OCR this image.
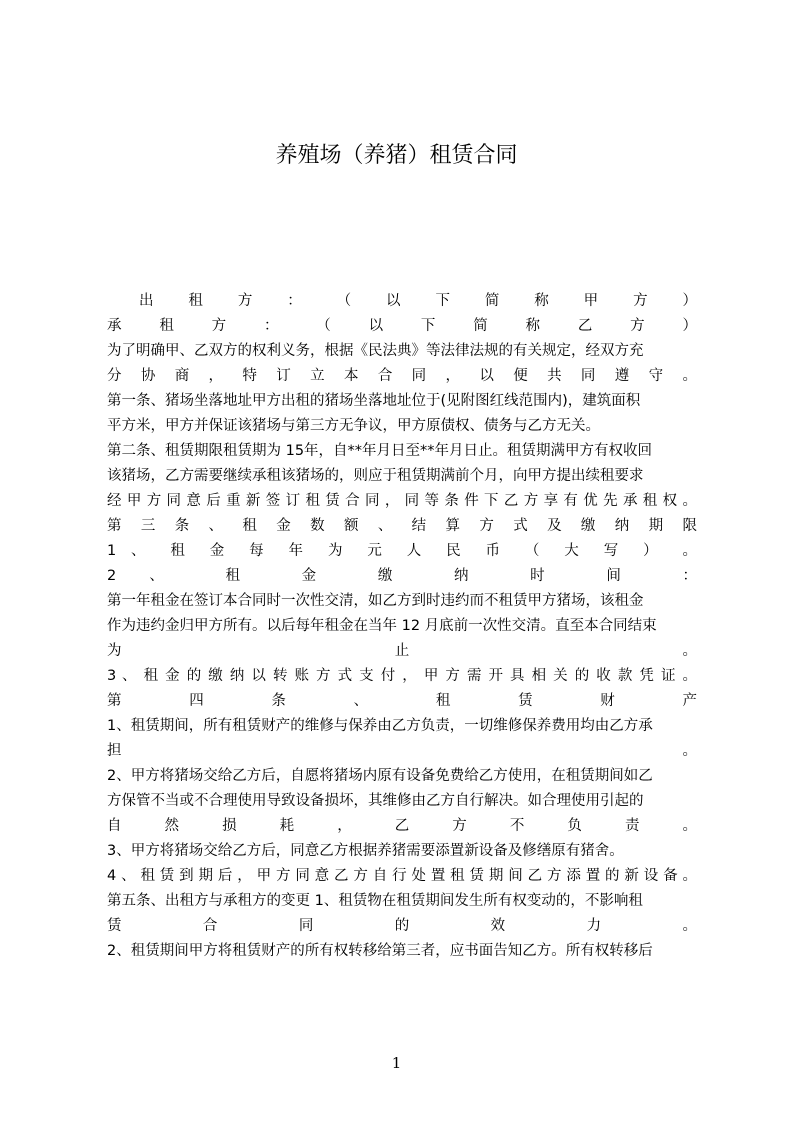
养殖场（养猪）租赁合同
出 租 方 ： （ 以 下 简 称 甲 方 ）
承 租 方 ： （ 以 下 简 称 乙 方 ）
为了明确甲、乙双方的权利义务，根据《民法典》等法律法规的有关规定，经双方充
分 协 商 ， 特 订 立 本 合 同 ， 以 便 共 同 遵 守 。
第一条、猪场坐落地址甲方出租的猪场坐落地址位于(见附图红线范围内)，建筑面积
平方米，甲方并保证该猪场与第三方无争议，甲方原债权、债务与乙方无关。
第二条、租赁期限租赁期为 15年，自**年月日至**年月日止。租赁期满甲方有权收回
该猪场，乙方需要继续承租该猪场的，则应于租赁期满前个月，向甲方提出续租要求
经甲方同意后重新签订租赁合同，同等条件下乙方享有优先承租权。
第 三 条 、 租 金 数 额 、 结 算 方 式 及 缴 纳 期 限
1 、 租 金 每 年 为 元 人 民 币 （ 大 写 ） 。
2 、 租 金 缴 纳 时 间 ：
第一年租金在签订本合同时一次性交清，如乙方到时违约而不租赁甲方猪场，该租金
作为违约金归甲方所有。以后每年租金在当年 12 月底前一次性交清。直至本合同结束
为 止 。
3 、 租 金 的 缴 纳 以 转 账 方 式 支 付 ， 甲 方 需 开 具 相 关 的 收 款 凭 证 。
第 四 条 、 租 赁 财 产
1、租赁期间，所有租赁财产的维修与保养由乙方负责，一切维修保养费用均由乙方承
担 。
2、甲方将猪场交给乙方后，自愿将猪场内原有设备免费给乙方使用，在租赁期间如乙
方保管不当或不合理使用导致设备损坏，其维修由乙方自行解决。如合理使用引起的
自 然 损 耗 ， 乙 方 不 负 责 。
3、甲方将猪场交给乙方后，同意乙方根据养猪需要添置新设备及修缮原有猪舍。
4、租赁到期后，甲方同意乙方自行处置租赁期间乙方添置的新设备。
第五条、出租方与承租方的变更 1、租赁物在租赁期间发生所有权变动的，不影响租
赁 合 同 的 效 力 。
2、租赁期间甲方将租赁财产的所有权转移给第三者，应书面告知乙方。所有权转移后
1
